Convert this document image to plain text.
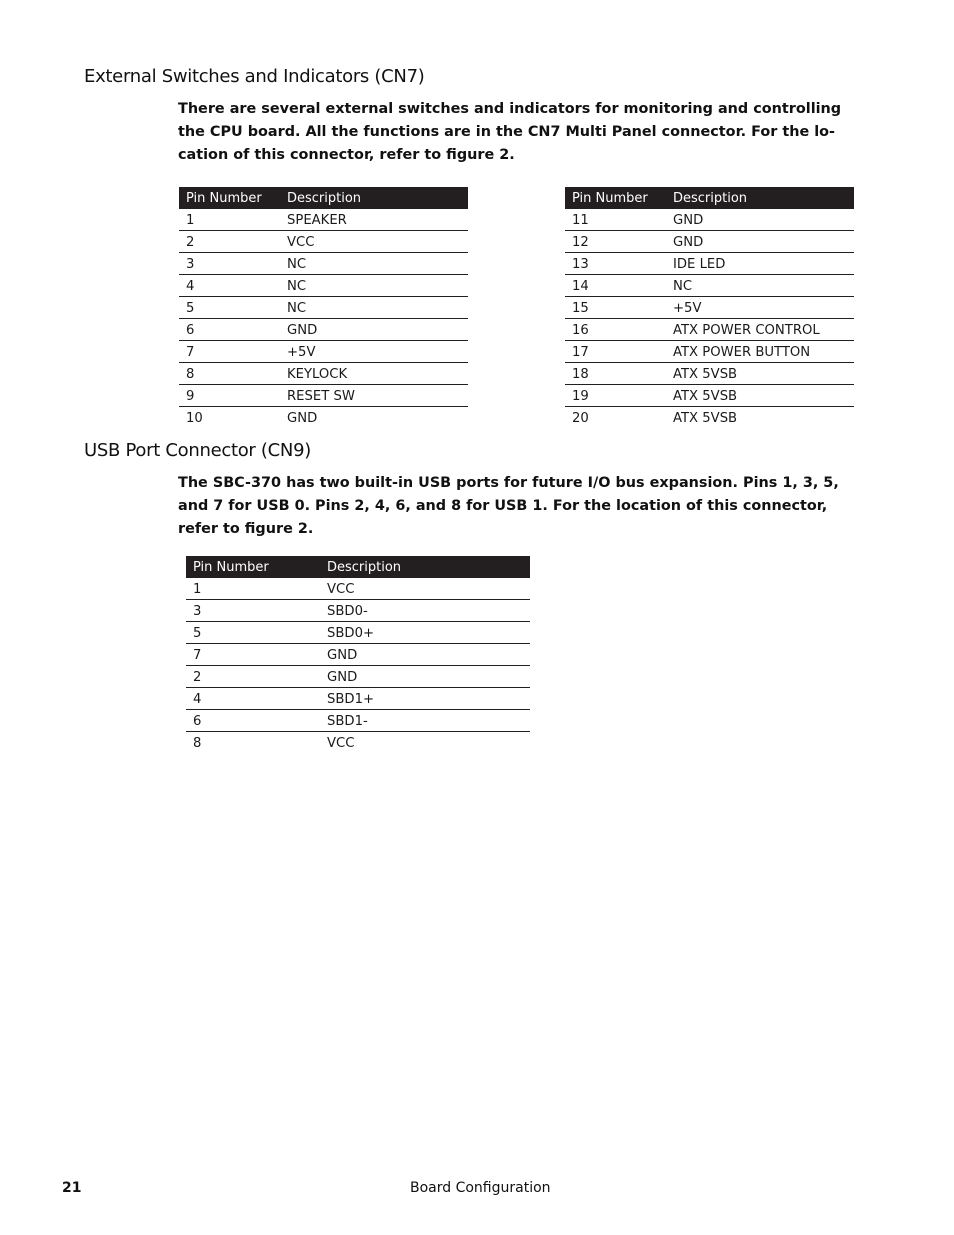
External Switches and Indicators (CN7)

There are several external switches and indicators for monitoring and controlling the CPU board. All the functions are in the CN7 Multi Panel connector. For the lo- cation of this connector, refer to figure 2.

Pin Number	Description
1	SPEAKER
2	VCC
3	NC
4	NC
5	NC
6	GND
7	+5V
8	KEYLOCK
9	RESET SW
10	GND
Pin Number	Description
11	GND
12	GND
13	IDE LED
14	NC
15	+5V
16	ATX POWER CONTROL
17	ATX POWER BUTTON
18	ATX 5VSB
19	ATX 5VSB
20	ATX 5VSB
USB Port Connector (CN9)

The SBC-370 has two built-in USB ports for future I/O bus expansion. Pins 1, 3, 5, and 7 for USB 0. Pins 2, 4, 6, and 8 for USB 1. For the location of this connector, refer to figure 2.

Pin Number	Description
1	VCC
3	SBD0-
5	SBD0+
7	GND
2	GND
4	SBD1+
6	SBD1-
8	VCC

21	Board Configuration
